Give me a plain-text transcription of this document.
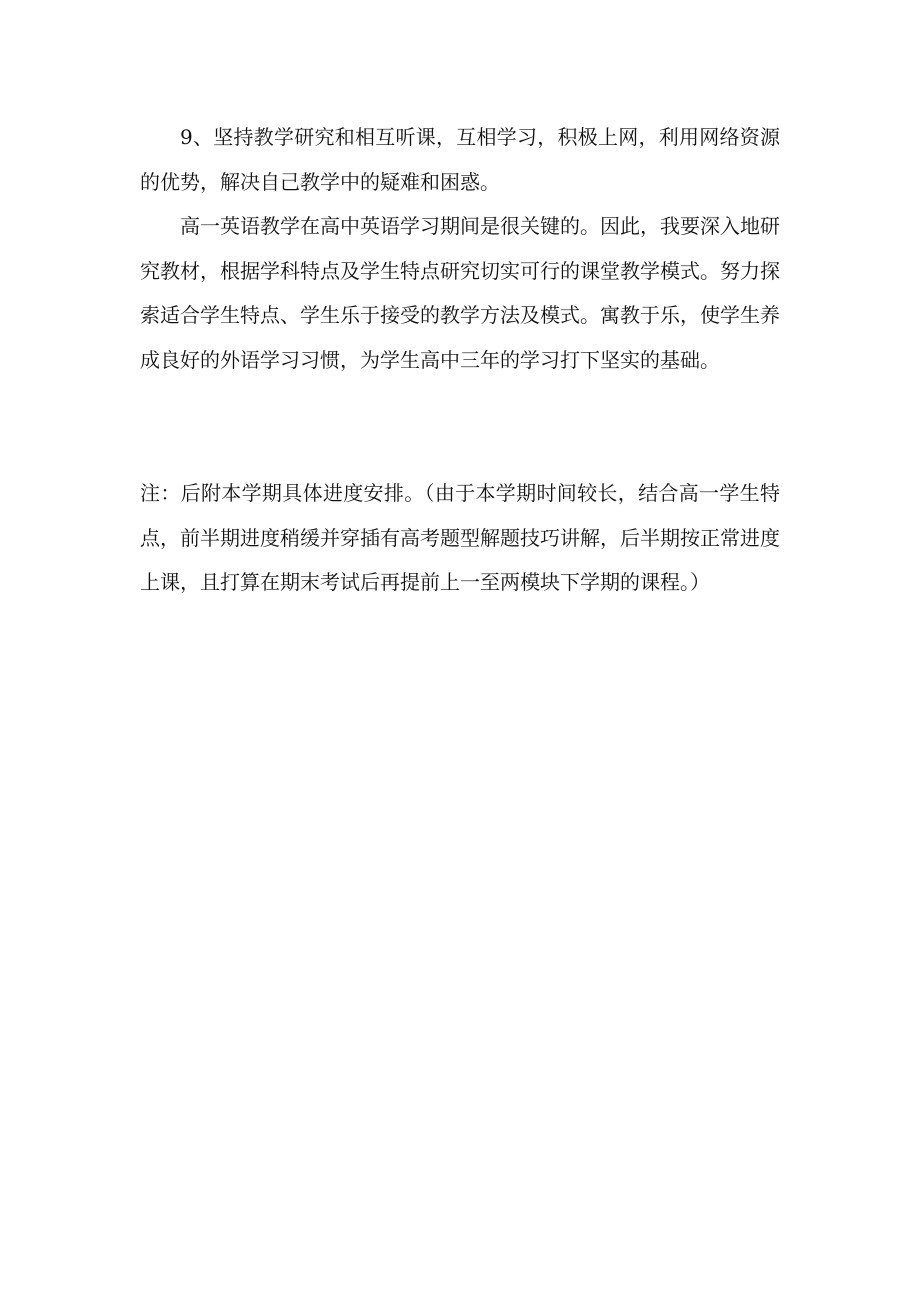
9、坚持教学研究和相互听课，互相学习，积极上网，利用网络资源的优势，解决自己教学中的疑难和困惑。

高一英语教学在高中英语学习期间是很关键的。因此，我要深入地研究教材，根据学科特点及学生特点研究切实可行的课堂教学模式。努力探索适合学生特点、学生乐于接受的教学方法及模式。寓教于乐，使学生养成良好的外语学习习惯，为学生高中三年的学习打下坚实的基础。

注：后附本学期具体进度安排。（由于本学期时间较长，结合高一学生特点，前半期进度稍缓并穿插有高考题型解题技巧讲解，后半期按正常进度上课，且打算在期末考试后再提前上一至两模块下学期的课程。）
